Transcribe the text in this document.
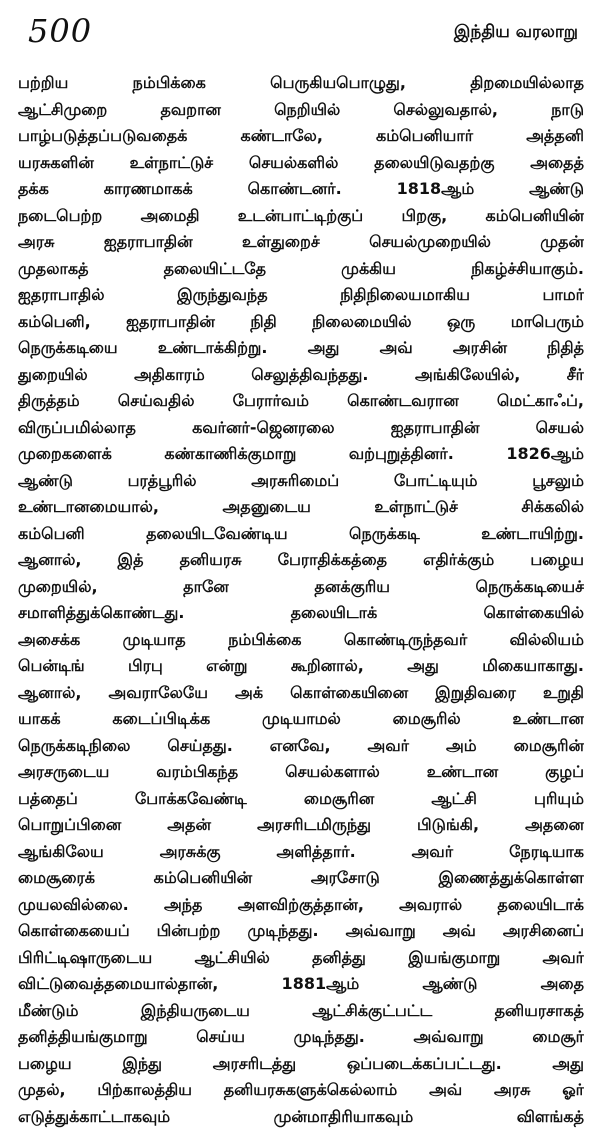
500	இந்திய வரலாறு
பற்றிய நம்பிக்கை பெருகியபொழுது, திறமையில்லாத
ஆட்சிமுறை தவறான நெறியில் செல்லுவதால், நாடு
பாழ்படுத்தப்படுவதைக் கண்டாலே, கம்பெனியார் அத்தனி
யரசுகளின் உள்நாட்டுச் செயல்களில் தலையிடுவதற்கு அதைத்
தக்க காரணமாகக் கொண்டனர். 1818ஆம் ஆண்டு
நடைபெற்ற அமைதி உடன்பாட்டிற்குப் பிறகு, கம்பெனியின்
அரசு ஐதராபாதின் உள்துறைச் செயல்முறையில் முதன்
முதலாகத் தலையிட்டதே முக்கிய நிகழ்ச்சியாகும்.
ஐதராபாதில் இருந்துவந்த நிதிநிலையமாகிய பாமர்
கம்பெனி, ஐதராபாதின் நிதி நிலைமையில் ஒரு மாபெரும்
நெருக்கடியை உண்டாக்கிற்று. அது அவ் அரசின் நிதித்
துறையில் அதிகாரம் செலுத்திவந்தது. அங்கிலேயில், சீர்
திருத்தம் செய்வதில் பேரார்வம் கொண்டவரான மெட்காஃப்,
விருப்பமில்லாத கவர்னர்-ஜெனரலை ஐதராபாதின் செயல்
முறைகளைக் கண்காணிக்குமாறு வற்புறுத்தினர். 1826ஆம்
ஆண்டு பரத்பூரில் அரசுரிமைப் போட்டியும் பூசலும்
உண்டானமையால், அதனுடைய உள்நாட்டுச் சிக்கலில்
கம்பெனி தலையிடவேண்டிய நெருக்கடி உண்டாயிற்று.
ஆனால், இத் தனியரசு பேராதிக்கத்தை எதிர்க்கும் பழைய
முறையில், தானே தனக்குரிய நெருக்கடியைச்
சமாளித்துக்கொண்டது. தலையிடாக் கொள்கையில்
அசைக்க முடியாத நம்பிக்கை கொண்டிருந்தவர் வில்லியம்
பென்டிங் பிரபு என்று கூறினால், அது மிகையாகாது.
ஆனால், அவராலேயே அக் கொள்கையினை இறுதிவரை உறுதி
யாகக் கடைப்பிடிக்க முடியாமல் மைசூரில் உண்டான
நெருக்கடிநிலை செய்தது. எனவே, அவர் அம் மைசூரின்
அரசருடைய வரம்பிகந்த செயல்களால் உண்டான குழப்
பத்தைப் போக்கவேண்டி மைசூரின ஆட்சி புரியும்
பொறுப்பினை அதன் அரசரிடமிருந்து பிடுங்கி, அதனை
ஆங்கிலேய அரசுக்கு அளித்தார். அவர் நேரடியாக
மைசூரைக் கம்பெனியின் அரசோடு இணைத்துக்கொள்ள
முயலவில்லை. அந்த அளவிற்குத்தான், அவரால் தலையிடாக்
கொள்கையைப் பின்பற்ற முடிந்தது. அவ்வாறு அவ் அரசினைப்
பிரிட்டிஷாருடைய ஆட்சியில் தனித்து இயங்குமாறு அவர்
விட்டுவைத்தமையால்தான், 1881ஆம் ஆண்டு அதை
மீண்டும் இந்தியருடைய ஆட்சிக்குட்பட்ட தனியரசாகத்
தனித்தியங்குமாறு செய்ய முடிந்தது. அவ்வாறு மைசூர்
பழைய இந்து அரசரிடத்து ஒப்படைக்கப்பட்டது. அது
முதல், பிற்காலத்திய தனியரசுகளுக்கெல்லாம் அவ் அரசு ஓர்
எடுத்துக்காட்டாகவும் முன்மாதிரியாகவும் விளங்கத்
